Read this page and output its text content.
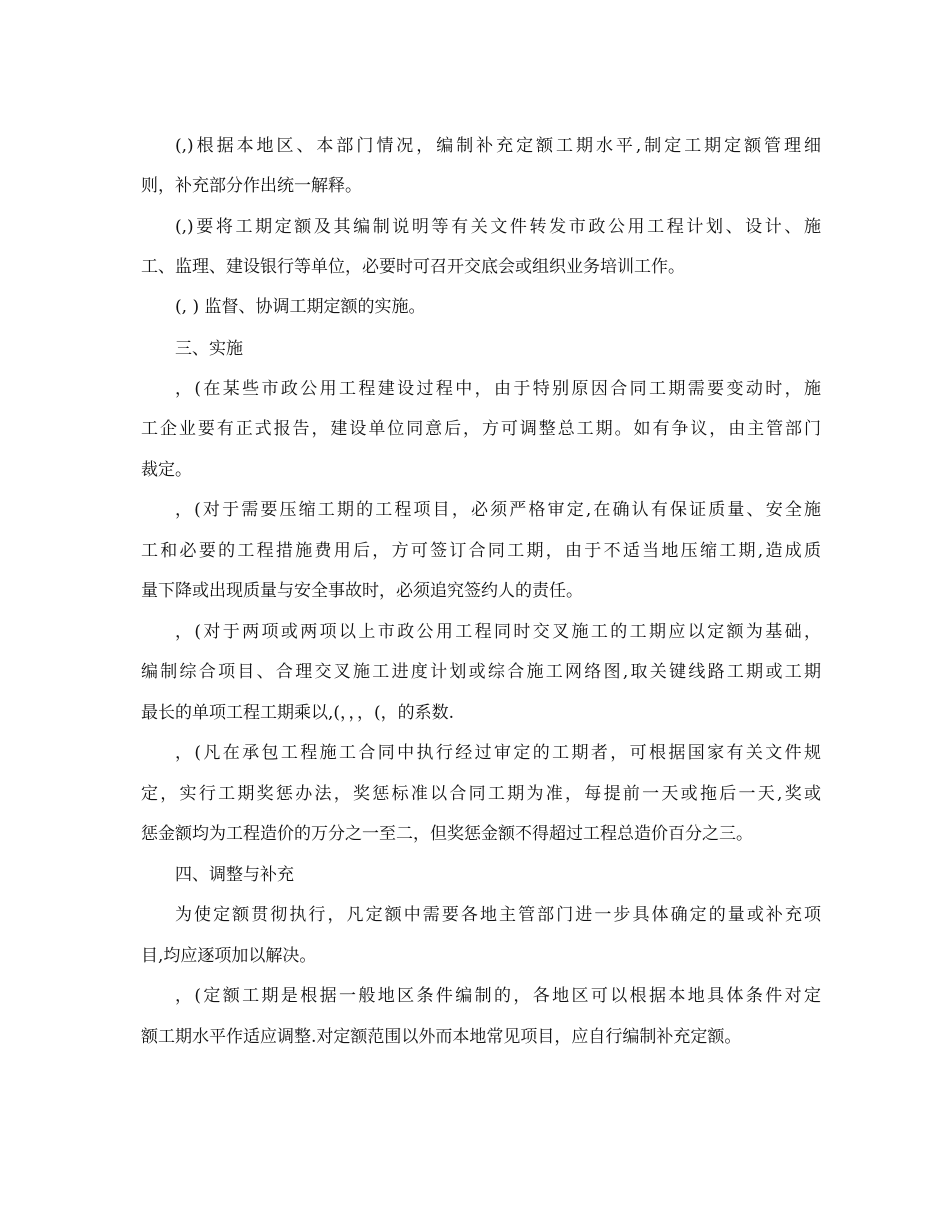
(,)根据本地区、本部门情况，编制补充定额工期水平,制定工期定额管理细
则，补充部分作出统一解释。
(,)要将工期定额及其编制说明等有关文件转发市政公用工程计划、设计、施
工、监理、建设银行等单位，必要时可召开交底会或组织业务培训工作。
(, ) 监督、协调工期定额的实施。
三、实施
，(在某些市政公用工程建设过程中，由于特别原因合同工期需要变动时，施
工企业要有正式报告，建设单位同意后，方可调整总工期。如有争议，由主管部门
裁定。
，(对于需要压缩工期的工程项目，必须严格审定,在确认有保证质量、安全施
工和必要的工程措施费用后，方可签订合同工期，由于不适当地压缩工期,造成质
量下降或出现质量与安全事故时，必须追究签约人的责任。
，(对于两项或两项以上市政公用工程同时交叉施工的工期应以定额为基础，
编制综合项目、合理交叉施工进度计划或综合施工网络图,取关键线路工期或工期
最长的单项工程工期乘以,(，，，(，的系数.
，(凡在承包工程施工合同中执行经过审定的工期者，可根据国家有关文件规
定，实行工期奖惩办法，奖惩标准以合同工期为准，每提前一天或拖后一天,奖或
惩金额均为工程造价的万分之一至二，但奖惩金额不得超过工程总造价百分之三。
四、调整与补充
为使定额贯彻执行，凡定额中需要各地主管部门进一步具体确定的量或补充项
目,均应逐项加以解决。
，(定额工期是根据一般地区条件编制的，各地区可以根据本地具体条件对定
额工期水平作适应调整.对定额范围以外而本地常见项目，应自行编制补充定额。
